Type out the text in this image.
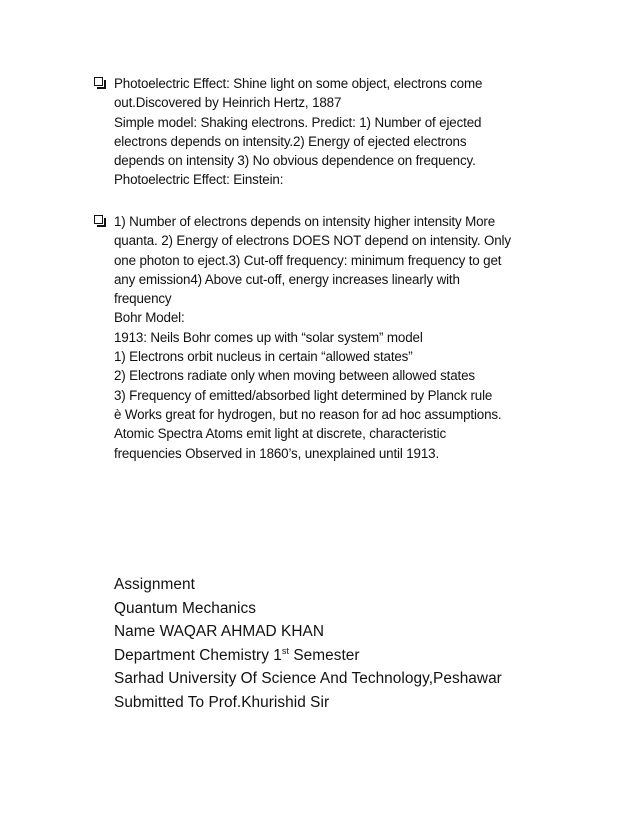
Photoelectric Effect: Shine light on some object, electrons come
out.Discovered by Heinrich Hertz, 1887
Simple model: Shaking electrons. Predict: 1) Number of ejected
electrons depends on intensity.2) Energy of ejected electrons
depends on intensity 3) No obvious dependence on frequency.
Photoelectric Effect: Einstein:
1) Number of electrons depends on intensity higher intensity More
quanta. 2) Energy of electrons DOES NOT depend on intensity. Only
one photon to eject.3) Cut-off frequency: minimum frequency to get
any emission4) Above cut-off, energy increases linearly with
frequency
Bohr Model:
1913: Neils Bohr comes up with “solar system” model
1) Electrons orbit nucleus in certain “allowed states”
2) Electrons radiate only when moving between allowed states
3) Frequency of emitted/absorbed light determined by Planck rule
è Works great for hydrogen, but no reason for ad hoc assumptions.
Atomic Spectra Atoms emit light at discrete, characteristic
frequencies Observed in 1860’s, unexplained until 1913.
Assignment
Quantum Mechanics
Name WAQAR AHMAD KHAN
Department Chemistry 1st Semester
Sarhad University Of Science And Technology,Peshawar
Submitted To Prof.Khurishid Sir
